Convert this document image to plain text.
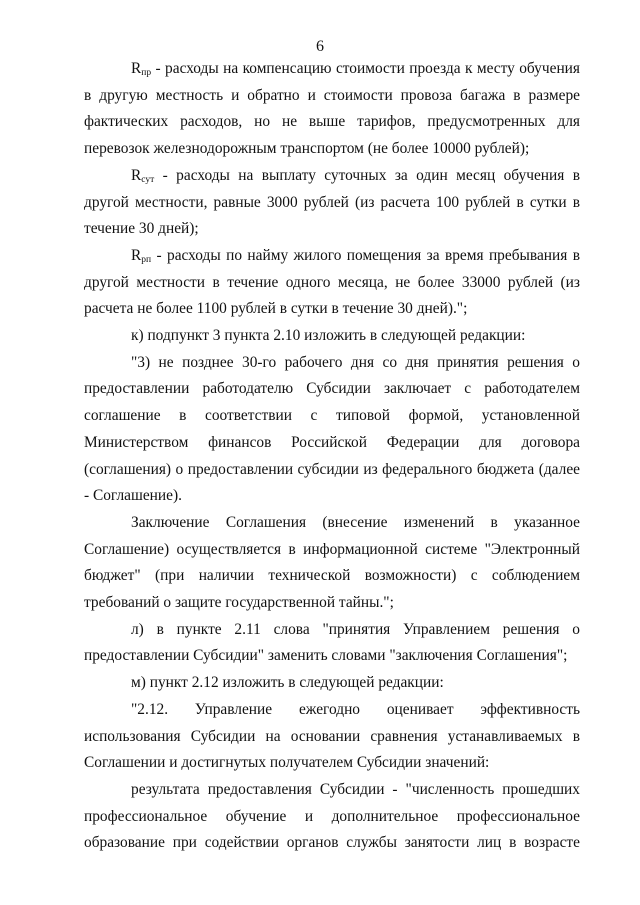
6

$R_{пр}$ - расходы на компенсацию стоимости проезда к месту обучения в другую местность и обратно и стоимости провоза багажа в размере фактических расходов, но не выше тарифов, предусмотренных для перевозок железнодорожным транспортом (не более 10000 рублей);

$R_{сут}$ - расходы на выплату суточных за один месяц обучения в другой местности, равные 3000 рублей (из расчета 100 рублей в сутки в течение 30 дней);

$R_{рп}$ - расходы по найму жилого помещения за время пребывания в другой местности в течение одного месяца, не более 33000 рублей (из расчета не более 1100 рублей в сутки в течение 30 дней).";

к) подпункт 3 пункта 2.10 изложить в следующей редакции:

"3) не позднее 30-го рабочего дня со дня принятия решения о предоставлении работодателю Субсидии заключает с работодателем соглашение в соответствии с типовой формой, установленной Министерством финансов Российской Федерации для договора (соглашения) о предоставлении субсидии из федерального бюджета (далее - Соглашение).

Заключение Соглашения (внесение изменений в указанное Соглашение) осуществляется в информационной системе "Электронный бюджет" (при наличии технической возможности) с соблюдением требований о защите государственной тайны.";

л) в пункте 2.11 слова "принятия Управлением решения о предоставлении Субсидии" заменить словами "заключения Соглашения";

м) пункт 2.12 изложить в следующей редакции:

"2.12. Управление ежегодно оценивает эффективность использования Субсидии на основании сравнения устанавливаемых в Соглашении и достигнутых получателем Субсидии значений:

результата предоставления Субсидии - "численность прошедших профессиональное обучение и дополнительное профессиональное образование при содействии органов службы занятости лиц в возрасте
